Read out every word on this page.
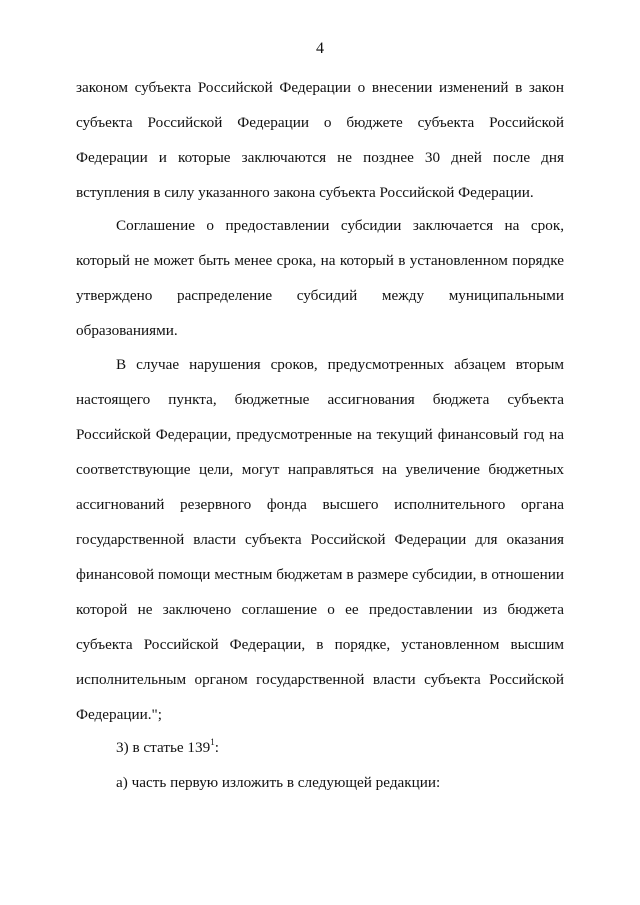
4
законом субъекта Российской Федерации о внесении изменений в закон
субъекта Российской Федерации о бюджете субъекта Российской
Федерации и которые заключаются не позднее 30 дней после дня
вступления в силу указанного закона субъекта Российской Федерации.
Соглашение о предоставлении субсидии заключается на срок,
который не может быть менее срока, на который в установленном порядке
утверждено распределение субсидий между муниципальными
образованиями.
В случае нарушения сроков, предусмотренных абзацем вторым
настоящего пункта, бюджетные ассигнования бюджета субъекта
Российской Федерации, предусмотренные на текущий финансовый год на
соответствующие цели, могут направляться на увеличение бюджетных
ассигнований резервного фонда высшего исполнительного органа
государственной власти субъекта Российской Федерации для оказания
финансовой помощи местным бюджетам в размере субсидии, в отношении
которой не заключено соглашение о ее предоставлении из бюджета
субъекта Российской Федерации, в порядке, установленном высшим
исполнительным органом государственной власти субъекта Российской
Федерации.";
3) в статье $139^1$:
а) часть первую изложить в следующей редакции:
